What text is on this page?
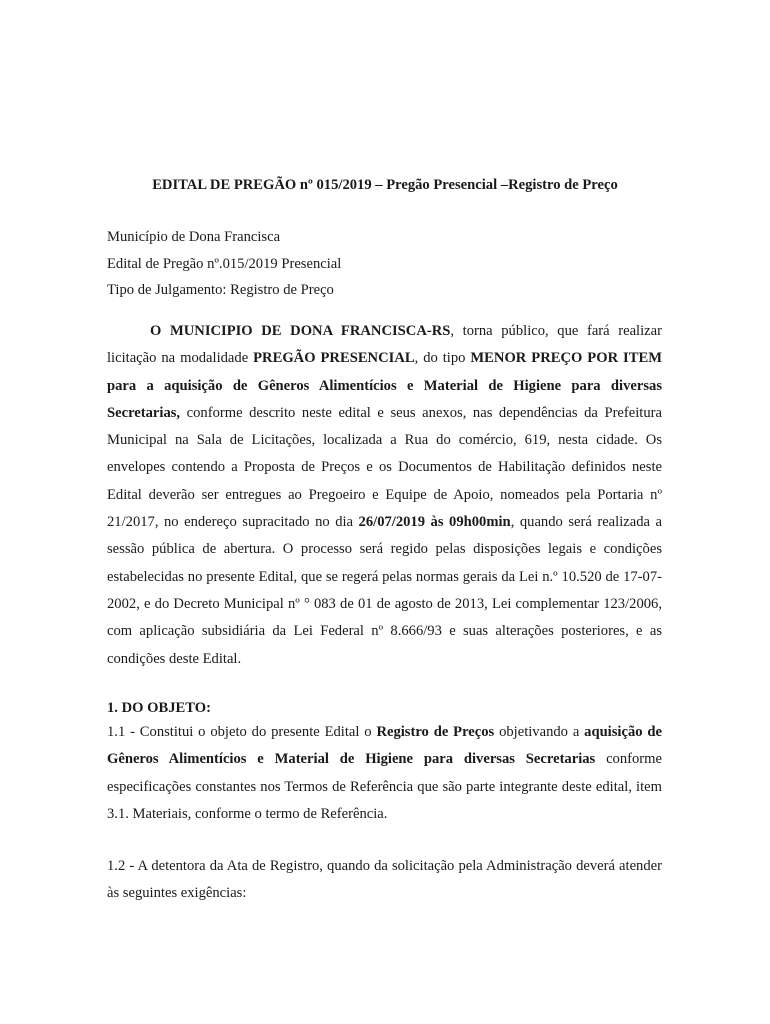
EDITAL DE PREGÃO nº 015/2019 – Pregão Presencial –Registro de Preço
Município de Dona Francisca
Edital de Pregão nº.015/2019 Presencial
Tipo de Julgamento: Registro de Preço
O MUNICIPIO DE DONA FRANCISCA-RS, torna público, que fará realizar licitação na modalidade PREGÃO PRESENCIAL, do tipo MENOR PREÇO POR ITEM para a aquisição de Gêneros Alimentícios e Material de Higiene para diversas Secretarias, conforme descrito neste edital e seus anexos, nas dependências da Prefeitura Municipal na Sala de Licitações, localizada a Rua do comércio, 619, nesta cidade. Os envelopes contendo a Proposta de Preços e os Documentos de Habilitação definidos neste Edital deverão ser entregues ao Pregoeiro e Equipe de Apoio, nomeados pela Portaria nº 21/2017, no endereço supracitado no dia 26/07/2019 às 09h00min, quando será realizada a sessão pública de abertura. O processo será regido pelas disposições legais e condições estabelecidas no presente Edital, que se regerá pelas normas gerais da Lei n.º 10.520 de 17-07-2002, e do Decreto Municipal nº ° 083 de 01 de agosto de 2013, Lei complementar 123/2006, com aplicação subsidiária da Lei Federal nº 8.666/93 e suas alterações posteriores, e as condições deste Edital.
1. DO OBJETO:
1.1 - Constitui o objeto do presente Edital o Registro de Preços objetivando a aquisição de Gêneros Alimentícios e Material de Higiene para diversas Secretarias conforme especificações constantes nos Termos de Referência que são parte integrante deste edital, item 3.1. Materiais, conforme o termo de Referência.
1.2 - A detentora da Ata de Registro, quando da solicitação pela Administração deverá atender às seguintes exigências:
